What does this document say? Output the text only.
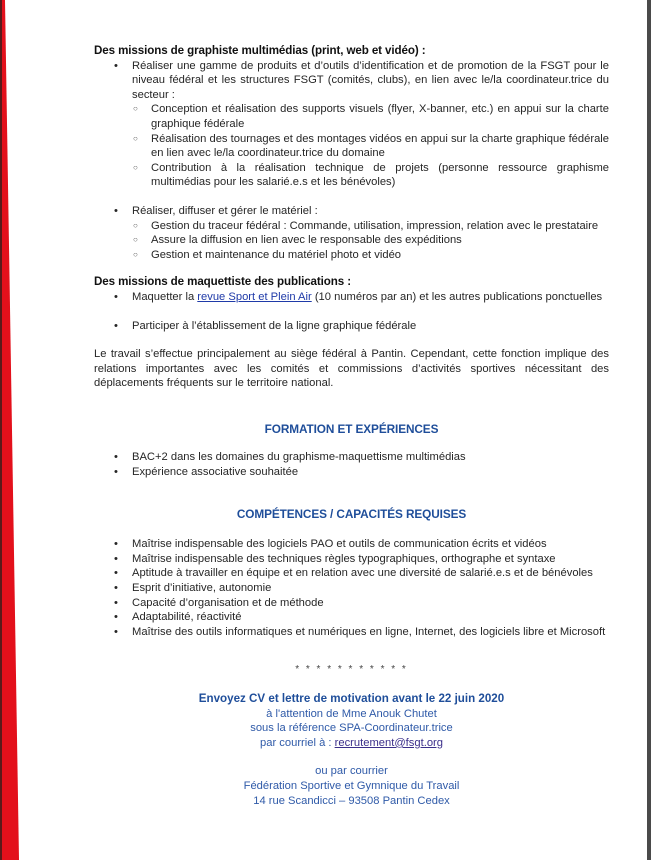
Des missions de graphiste multimédias (print, web et vidéo) :

• Réaliser une gamme de produits et d’outils d’identification et de promotion de la FSGT pour le niveau fédéral et les structures FSGT (comités, clubs), en lien avec le/la coordinateur.trice du secteur :
○ Conception et réalisation des supports visuels (flyer, X-banner, etc.) en appui sur la charte graphique fédérale
○ Réalisation des tournages et des montages vidéos en appui sur la charte graphique fédérale en lien avec le/la coordinateur.trice du domaine
○ Contribution à la réalisation technique de projets (personne ressource graphisme multimédias pour les salarié.e.s et les bénévoles)
• Réaliser, diffuser et gérer le matériel :
○ Gestion du traceur fédéral : Commande, utilisation, impression, relation avec le prestataire
○ Assure la diffusion en lien avec le responsable des expéditions
○ Gestion et maintenance du matériel photo et vidéo

Des missions de maquettiste des publications :

• Maquetter la revue Sport et Plein Air (10 numéros par an) et les autres publications ponctuelles
• Participer à l’établissement de la ligne graphique fédérale

Le travail s’effectue principalement au siège fédéral à Pantin. Cependant, cette fonction implique des relations importantes avec les comités et commissions d’activités sportives nécessitant des déplacements fréquents sur le territoire national.

FORMATION ET EXPÉRIENCES

• BAC+2 dans les domaines du graphisme-maquettisme multimédias
• Expérience associative souhaitée

COMPÉTENCES / CAPACITÉS REQUISES

• Maîtrise indispensable des logiciels PAO et outils de communication écrits et vidéos
• Maîtrise indispensable des techniques règles typographiques, orthographe et syntaxe
• Aptitude à travailler en équipe et en relation avec une diversité de salarié.e.s et de bénévoles
• Esprit d’initiative, autonomie
• Capacité d’organisation et de méthode
• Adaptabilité, réactivité
• Maîtrise des outils informatiques et numériques en ligne, Internet, des logiciels libre et Microsoft
* * * * * * * * * * *
Envoyez CV et lettre de motivation avant le 22 juin 2020
à l'attention de Mme Anouk Chutet
sous la référence SPA-Coordinateur.trice
par courriel à : recrutement@fsgt.org
ou par courrier
Fédération Sportive et Gymnique du Travail
14 rue Scandicci – 93508 Pantin Cedex
